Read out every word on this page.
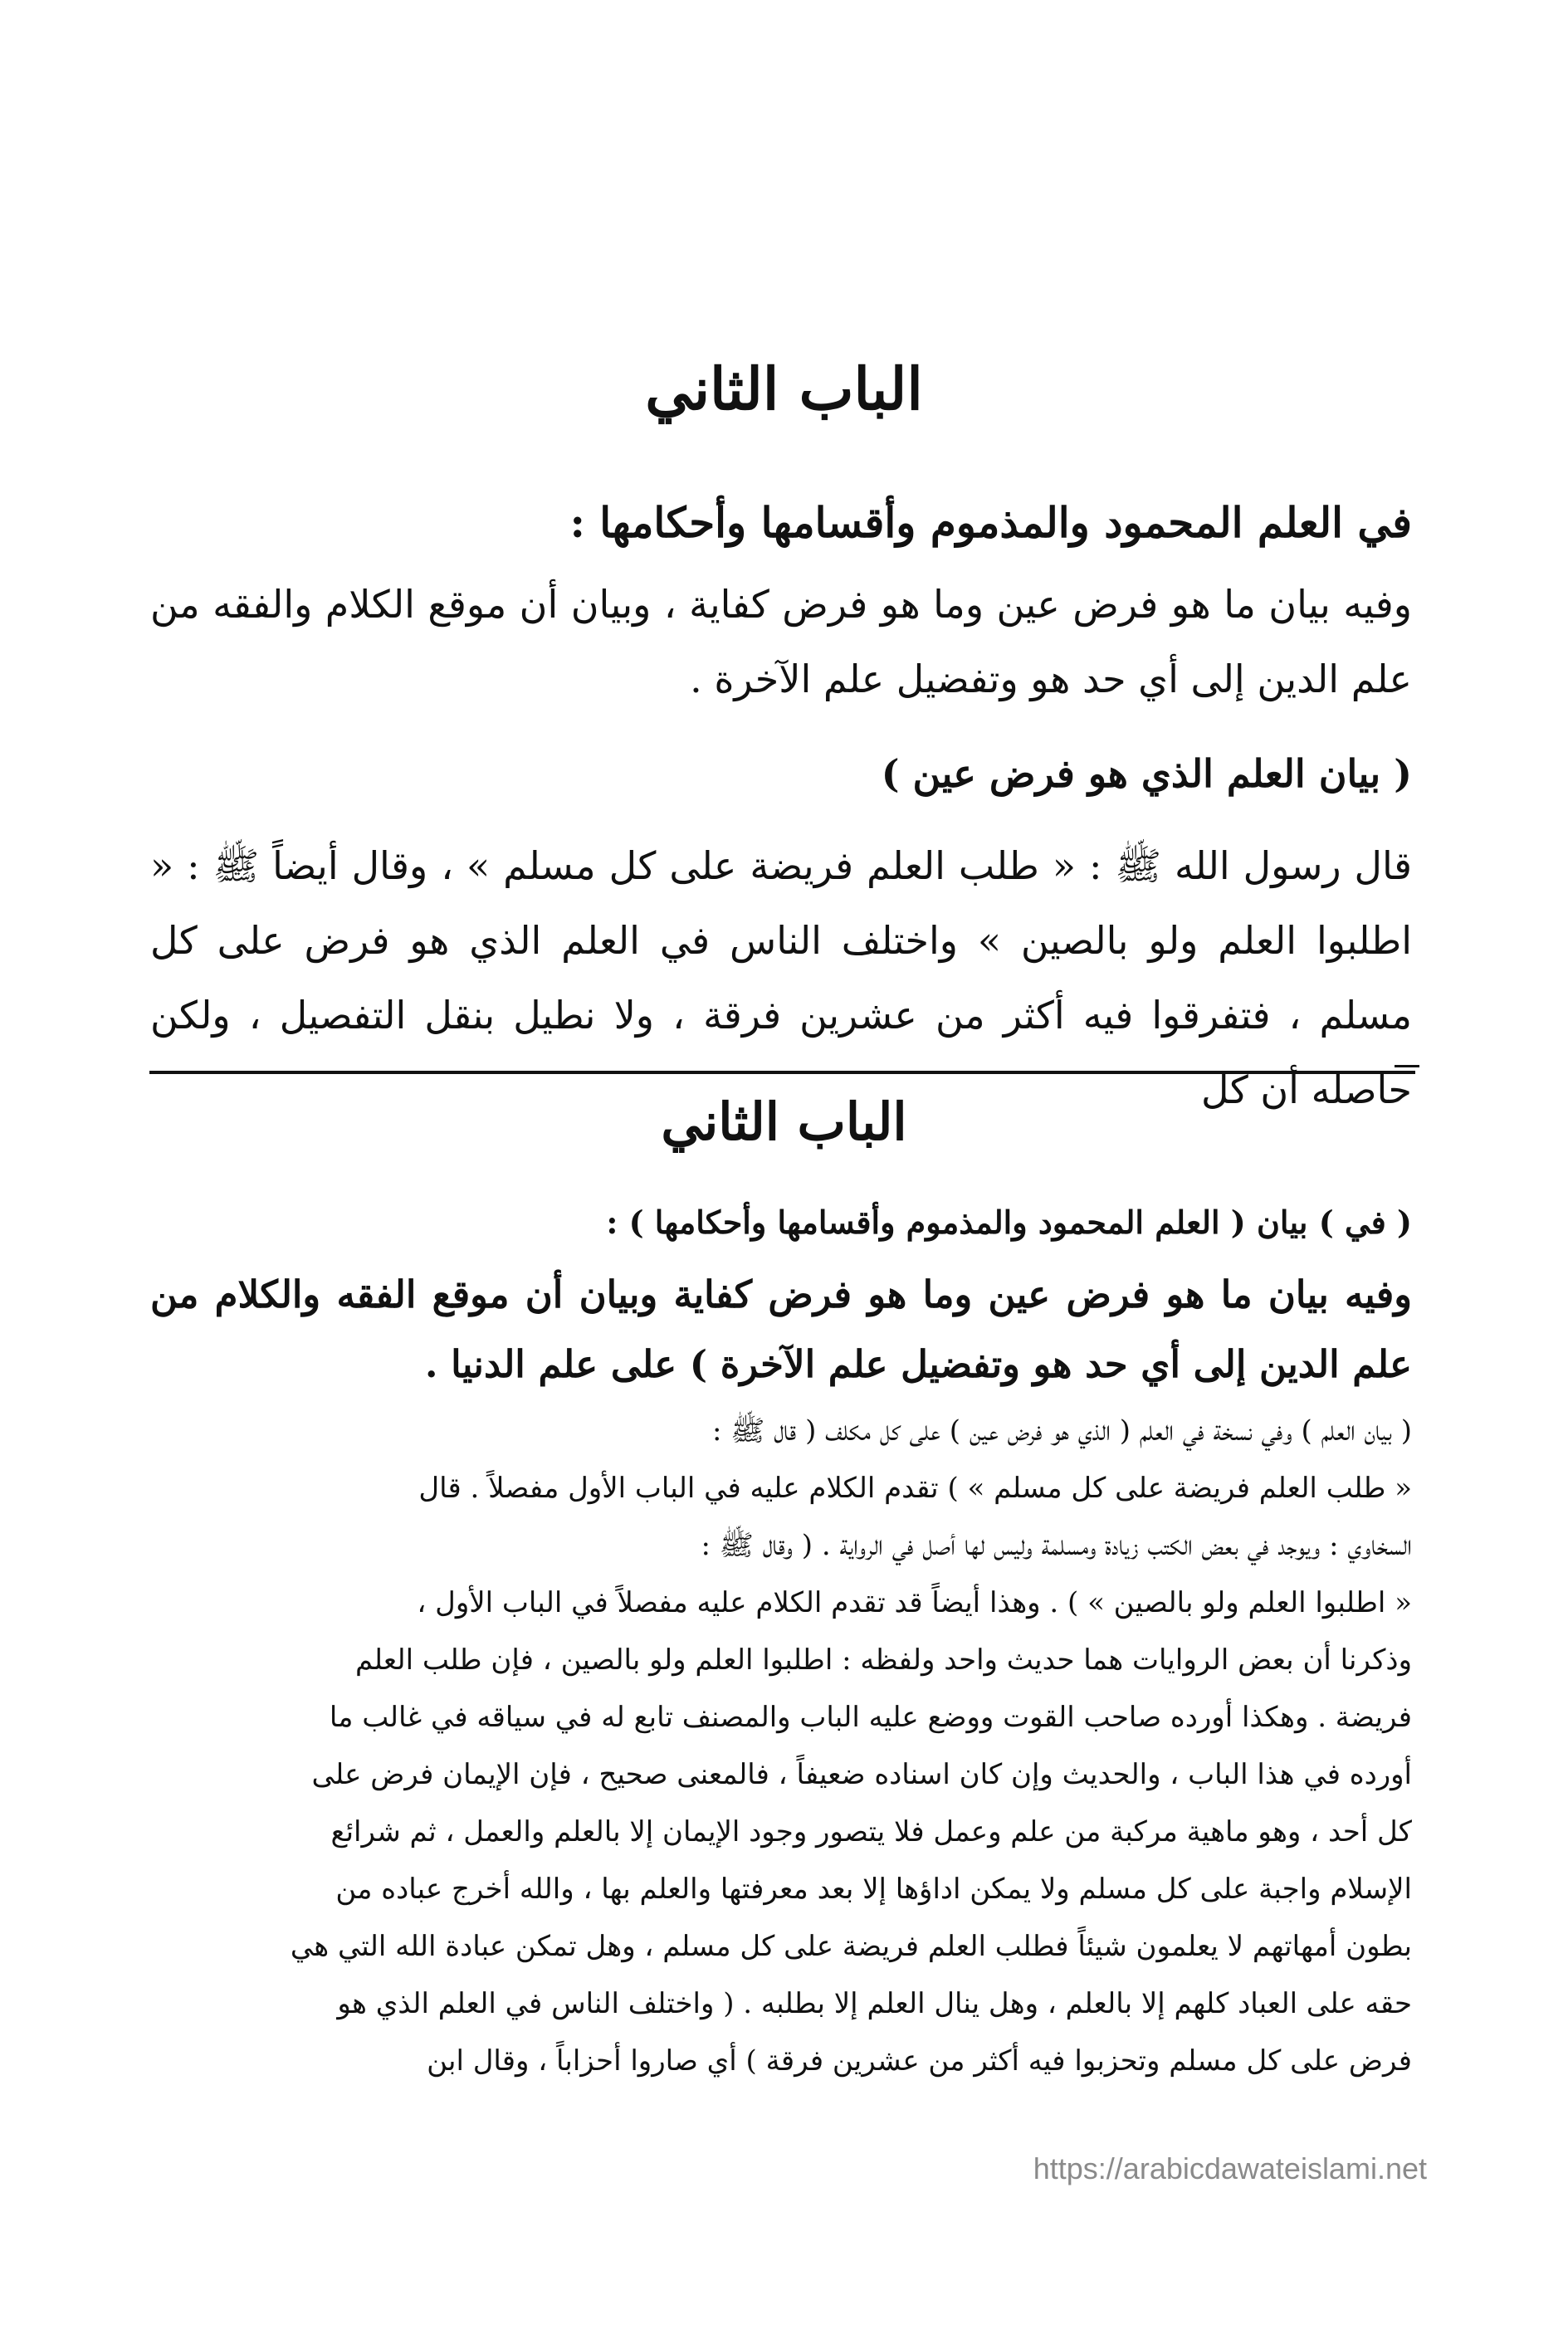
الباب الثاني
في العلم المحمود والمذموم وأقسامها وأحكامها :
وفيه بيان ما هو فرض عين وما هو فرض كفاية ، وبيان أن موقع الكلام والفقه من علم الدين إلى أي حد هو وتفضيل علم الآخرة .
( بيان العلم الذي هو فرض عين )
قال رسول الله ﷺ : « طلب العلم فريضة على كل مسلم » ، وقال أيضاً ﷺ : « اطلبوا العلم ولو بالصين » واختلف الناس في العلم الذي هو فرض على كل مسلم ، فتفرقوا فيه أكثر من عشرين فرقة ، ولا نطيل بنقل التفصيل ، ولكن حاصله أن كل
الباب الثاني
( في ) بيان ( العلم المحمود والمذموم وأقسامها وأحكامها ) :
وفيه بيان ما هو فرض عين وما هو فرض كفاية وبيان أن موقع الفقه والكلام من علم الدين إلى أي حد هو وتفضيل علم الآخرة ) على علم الدنيا .
( بيان العلم ) وفي نسخة في العلم ( الذي هو فرض عين ) على كل مكلف ( قال ﷺ :
« طلب العلم فريضة على كل مسلم » ) تقدم الكلام عليه في الباب الأول مفصلاً . قال
السخاوي : ويوجد في بعض الكتب زيادة ومسلمة وليس لها أصل في الرواية . ( وقال ﷺ :
« اطلبوا العلم ولو بالصين » ) . وهذا أيضاً قد تقدم الكلام عليه مفصلاً في الباب الأول ،
وذكرنا أن بعض الروايات هما حديث واحد ولفظه : اطلبوا العلم ولو بالصين ، فإن طلب العلم
فريضة . وهكذا أورده صاحب القوت ووضع عليه الباب والمصنف تابع له في سياقه في غالب ما
أورده في هذا الباب ، والحديث وإن كان اسناده ضعيفاً ، فالمعنى صحيح ، فإن الإيمان فرض على
كل أحد ، وهو ماهية مركبة من علم وعمل فلا يتصور وجود الإيمان إلا بالعلم والعمل ، ثم شرائع
الإسلام واجبة على كل مسلم ولا يمكن اداؤها إلا بعد معرفتها والعلم بها ، والله أخرج عباده من
بطون أمهاتهم لا يعلمون شيئاً فطلب العلم فريضة على كل مسلم ، وهل تمكن عبادة الله التي هي
حقه على العباد كلهم إلا بالعلم ، وهل ينال العلم إلا بطلبه . ( واختلف الناس في العلم الذي هو
فرض على كل مسلم وتحزبوا فيه أكثر من عشرين فرقة ) أي صاروا أحزاباً ، وقال ابن
https://arabicdawateislami.net
